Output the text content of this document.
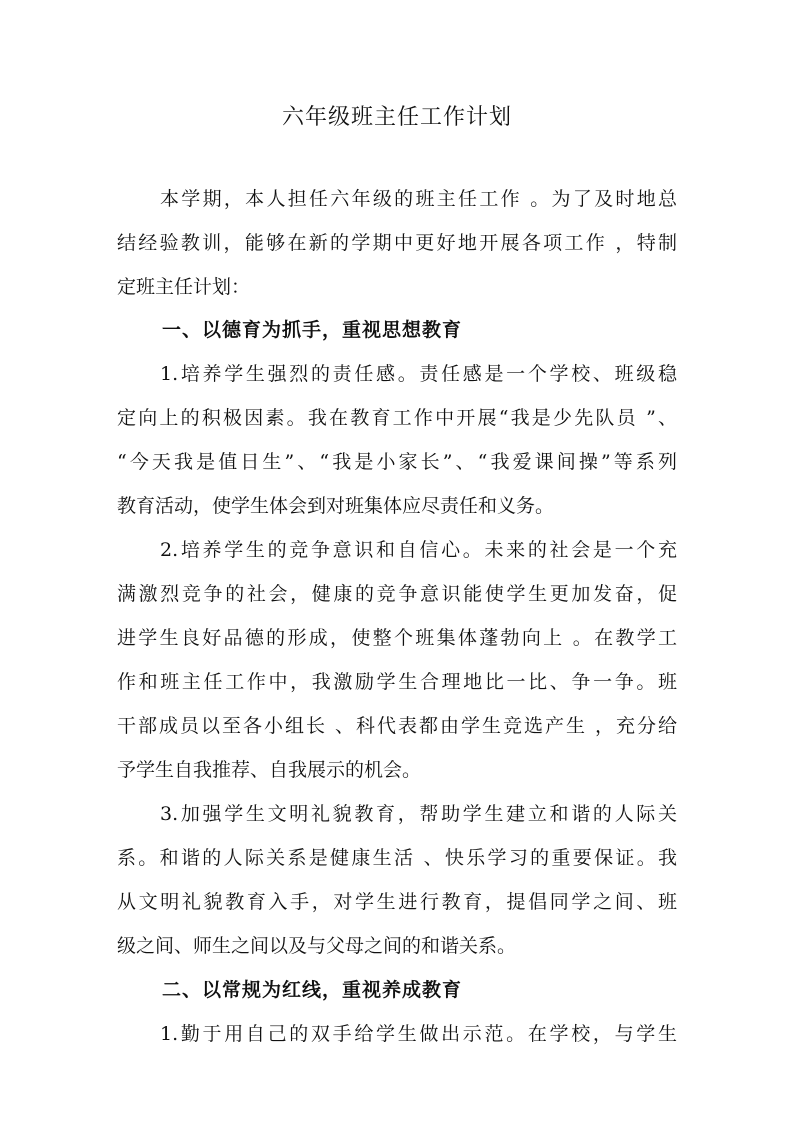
六年级班主任工作计划
本学期，本人担任六年级的班主任工作 。为了及时地总
结经验教训，能够在新的学期中更好地开展各项工作 ，特制
定班主任计划：
一、以德育为抓手，重视思想教育
1.培养学生强烈的责任感。责任感是一个学校、班级稳
定向上的积极因素。我在教育工作中开展“我是少先队员 ”、
“今天我是值日生”、“我是小家长”、“我爱课间操”等系列
教育活动，使学生体会到对班集体应尽责任和义务。
2.培养学生的竞争意识和自信心。未来的社会是一个充
满激烈竞争的社会，健康的竞争意识能使学生更加发奋，促
进学生良好品德的形成，使整个班集体蓬勃向上 。在教学工
作和班主任工作中，我激励学生合理地比一比、争一争。班
干部成员以至各小组长 、科代表都由学生竞选产生 ，充分给
予学生自我推荐、自我展示的机会。
3.加强学生文明礼貌教育，帮助学生建立和谐的人际关
系。和谐的人际关系是健康生活 、快乐学习的重要保证。我
从文明礼貌教育入手，对学生进行教育，提倡同学之间、班
级之间、师生之间以及与父母之间的和谐关系。
二、以常规为红线，重视养成教育
1.勤于用自己的双手给学生做出示范。在学校，与学生
